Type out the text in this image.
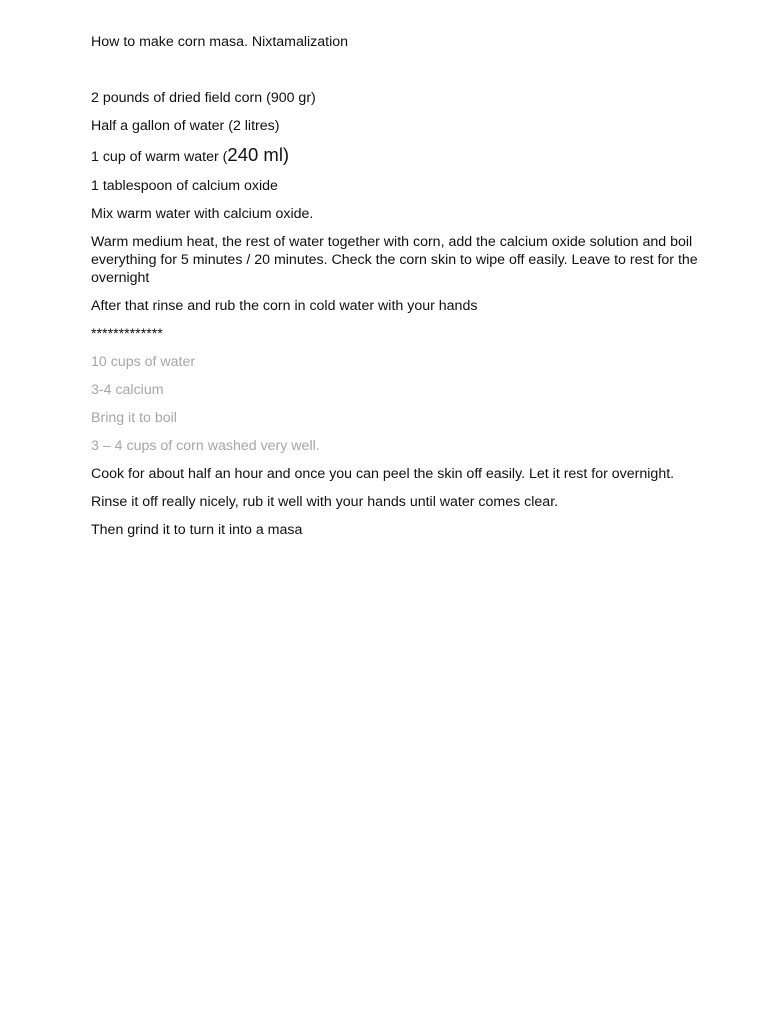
How to make corn masa. Nixtamalization

2 pounds of dried field corn (900 gr)

Half a gallon of water (2 litres)

1 cup of warm water (240 ml)

1 tablespoon of calcium oxide

Mix warm water with calcium oxide.

Warm medium heat, the rest of water together with corn, add the calcium oxide solution and boil everything for 5 minutes / 20 minutes. Check the corn skin to wipe off easily. Leave to rest for the overnight

After that rinse and rub the corn in cold water with your hands

*************

10 cups of water

3-4 calcium

Bring it to boil

3 – 4 cups of corn washed very well.

Cook for about half an hour and once you can peel the skin off easily. Let it rest for overnight.

Rinse it off really nicely, rub it well with your hands until water comes clear.

Then grind it to turn it into a masa
